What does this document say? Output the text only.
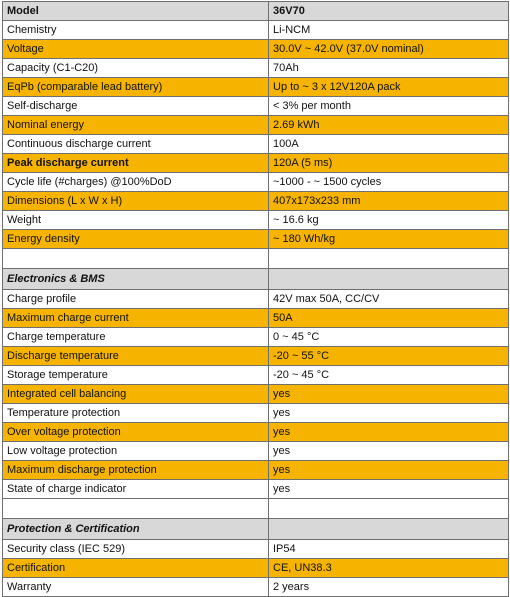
Model	36V70
Chemistry	Li-NCM
Voltage	30.0V ~ 42.0V (37.0V nominal)
Capacity (C1-C20)	70Ah
EqPb (comparable lead battery)	Up to ~ 3 x 12V120A pack
Self-discharge	< 3% per month
Nominal energy	2.69 kWh
Continuous discharge current	100A
Peak discharge current	120A (5 ms)
Cycle life (#charges) @100%DoD	~1000 - ~ 1500 cycles
Dimensions (L x W x H)	407x173x233 mm
Weight	~ 16.6 kg
Energy density	~ 180 Wh/kg

Electronics & BMS	
Charge profile	42V max 50A, CC/CV
Maximum charge current	50A
Charge temperature	0 ~ 45 °C
Discharge temperature	-20 ~ 55 °C
Storage temperature	-20 ~ 45 °C
Integrated cell balancing	yes
Temperature protection	yes
Over voltage protection	yes
Low voltage protection	yes
Maximum discharge protection	yes
State of charge indicator	yes

Protection & Certification	
Security class (IEC 529)	IP54
Certification	CE, UN38.3
Warranty	2 years
